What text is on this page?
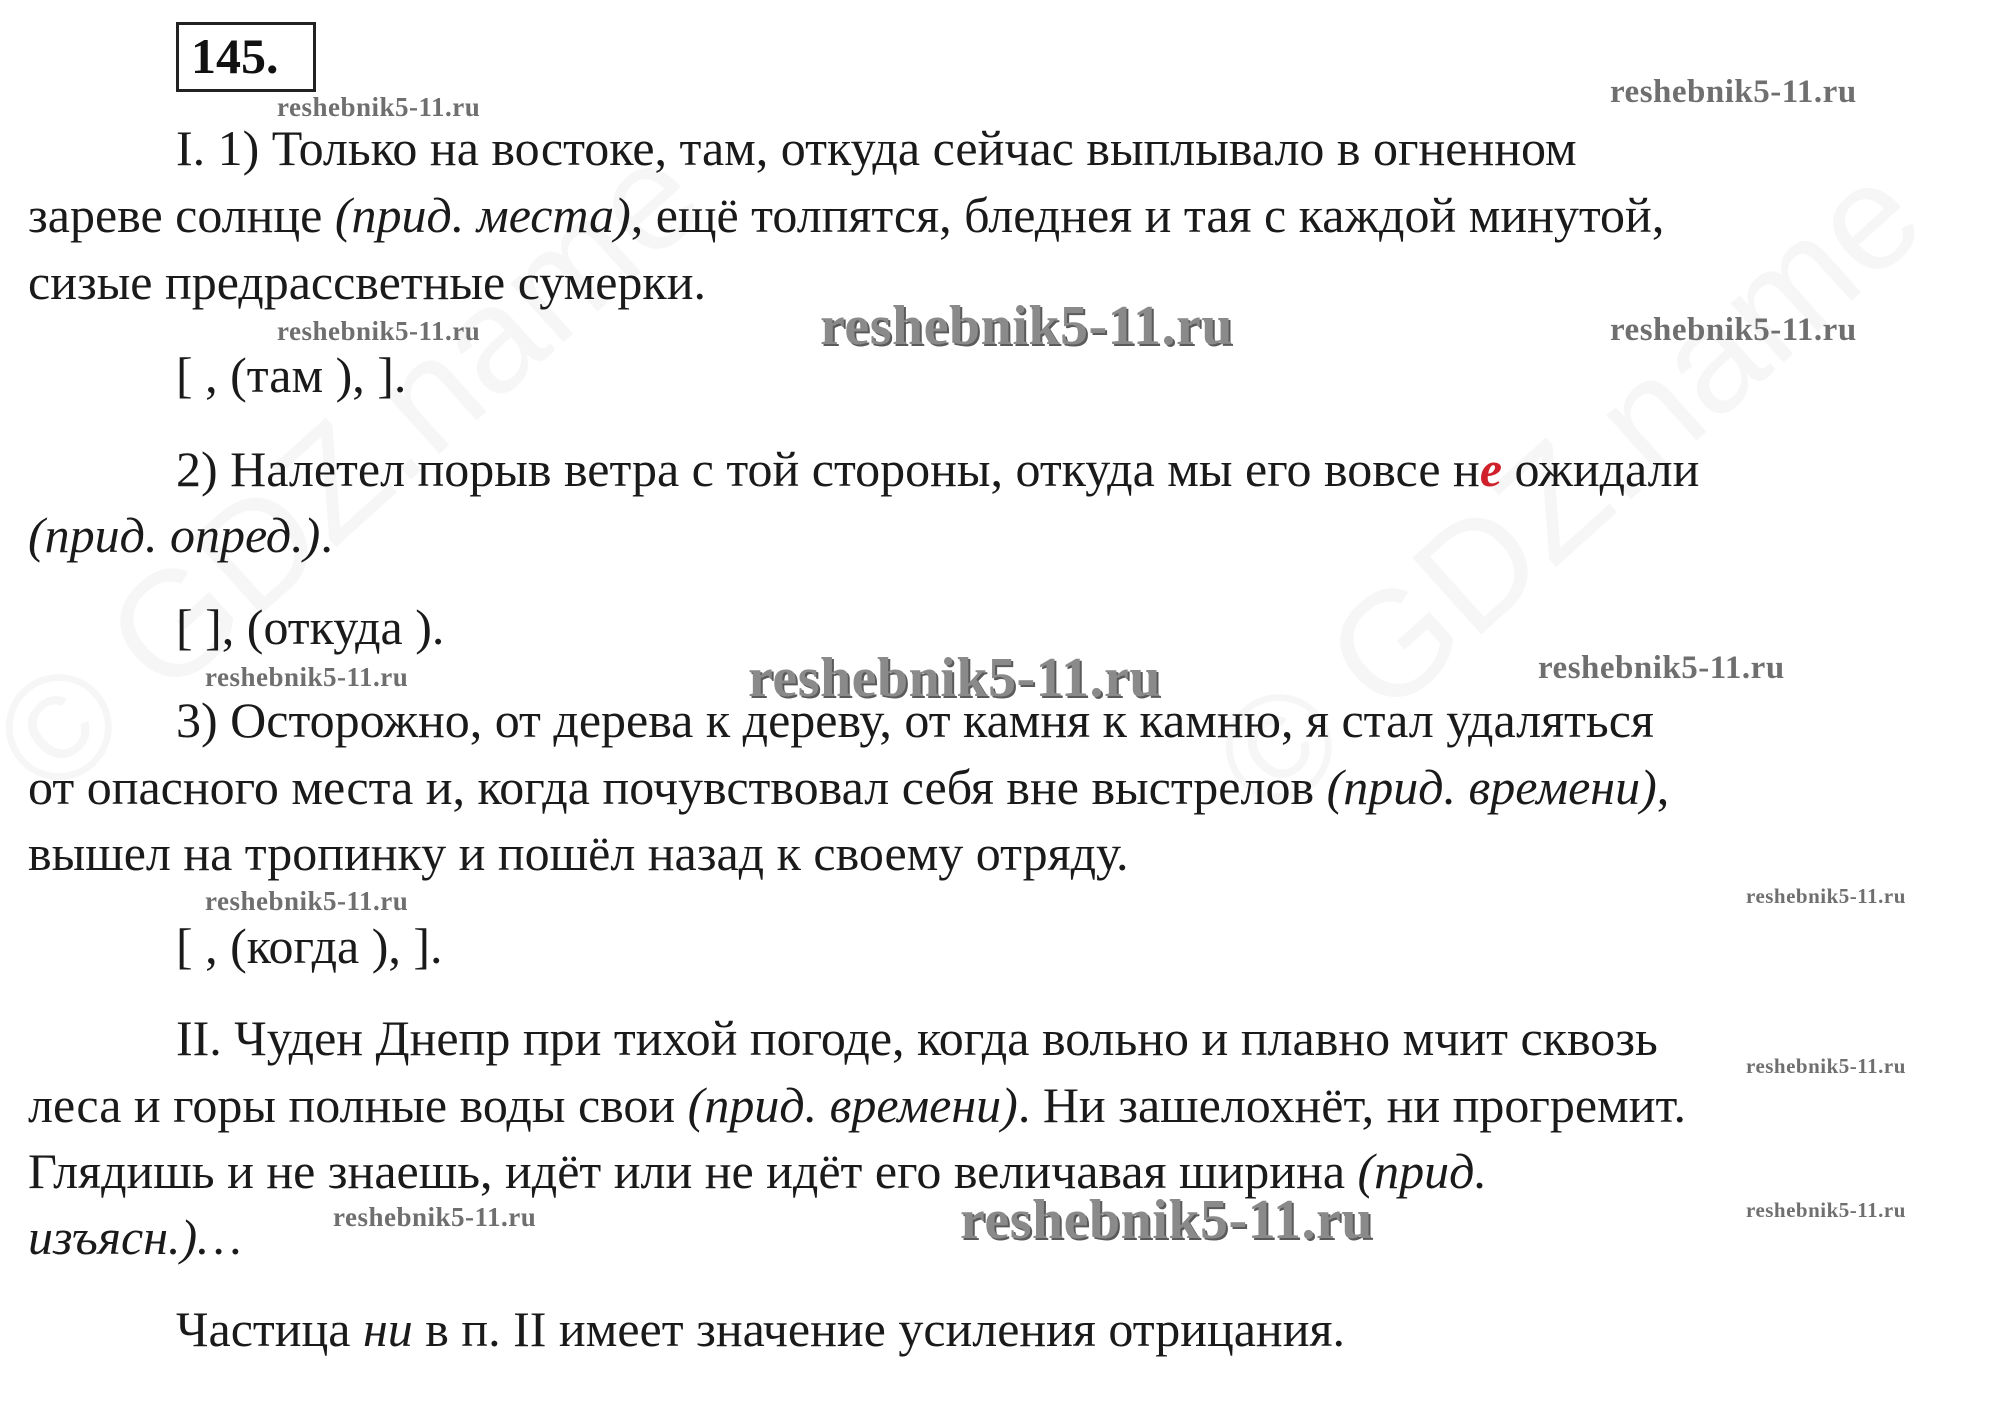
145.
reshebnik5-11.ru	reshebnik5-11.ru
reshebnik5-11.ru	reshebnik5-11.ru	reshebnik5-11.ru
reshebnik5-11.ru	reshebnik5-11.ru	reshebnik5-11.ru
reshebnik5-11.ru	reshebnik5-11.ru
reshebnik5-11.ru
reshebnik5-11.ru	reshebnik5-11.ru	reshebnik5-11.ru
I. 1) Только на востоке, там, откуда сейчас выплывало в огненном
зареве солнце (прид. места), ещё толпятся, бледнея и тая с каждой минутой,
сизые предрассветные сумерки.
[ , (там ), ].
2) Налетел порыв ветра с той стороны, откуда мы его вовсе не ожидали
(прид. опред.).
[ ], (откуда ).
3) Осторожно, от дерева к дереву, от камня к камню, я стал удаляться
от опасного места и, когда почувствовал себя вне выстрелов (прид. времени),
вышел на тропинку и пошёл назад к своему отряду.
[ , (когда ), ].
II. Чуден Днепр при тихой погоде, когда вольно и плавно мчит сквозь
леса и горы полные воды свои (прид. времени). Ни зашелохнёт, ни прогремит.
Глядишь и не знаешь, идёт или не идёт его величавая ширина (прид.
изъясн.)…
Частица ни в п. II имеет значение усиления отрицания.
